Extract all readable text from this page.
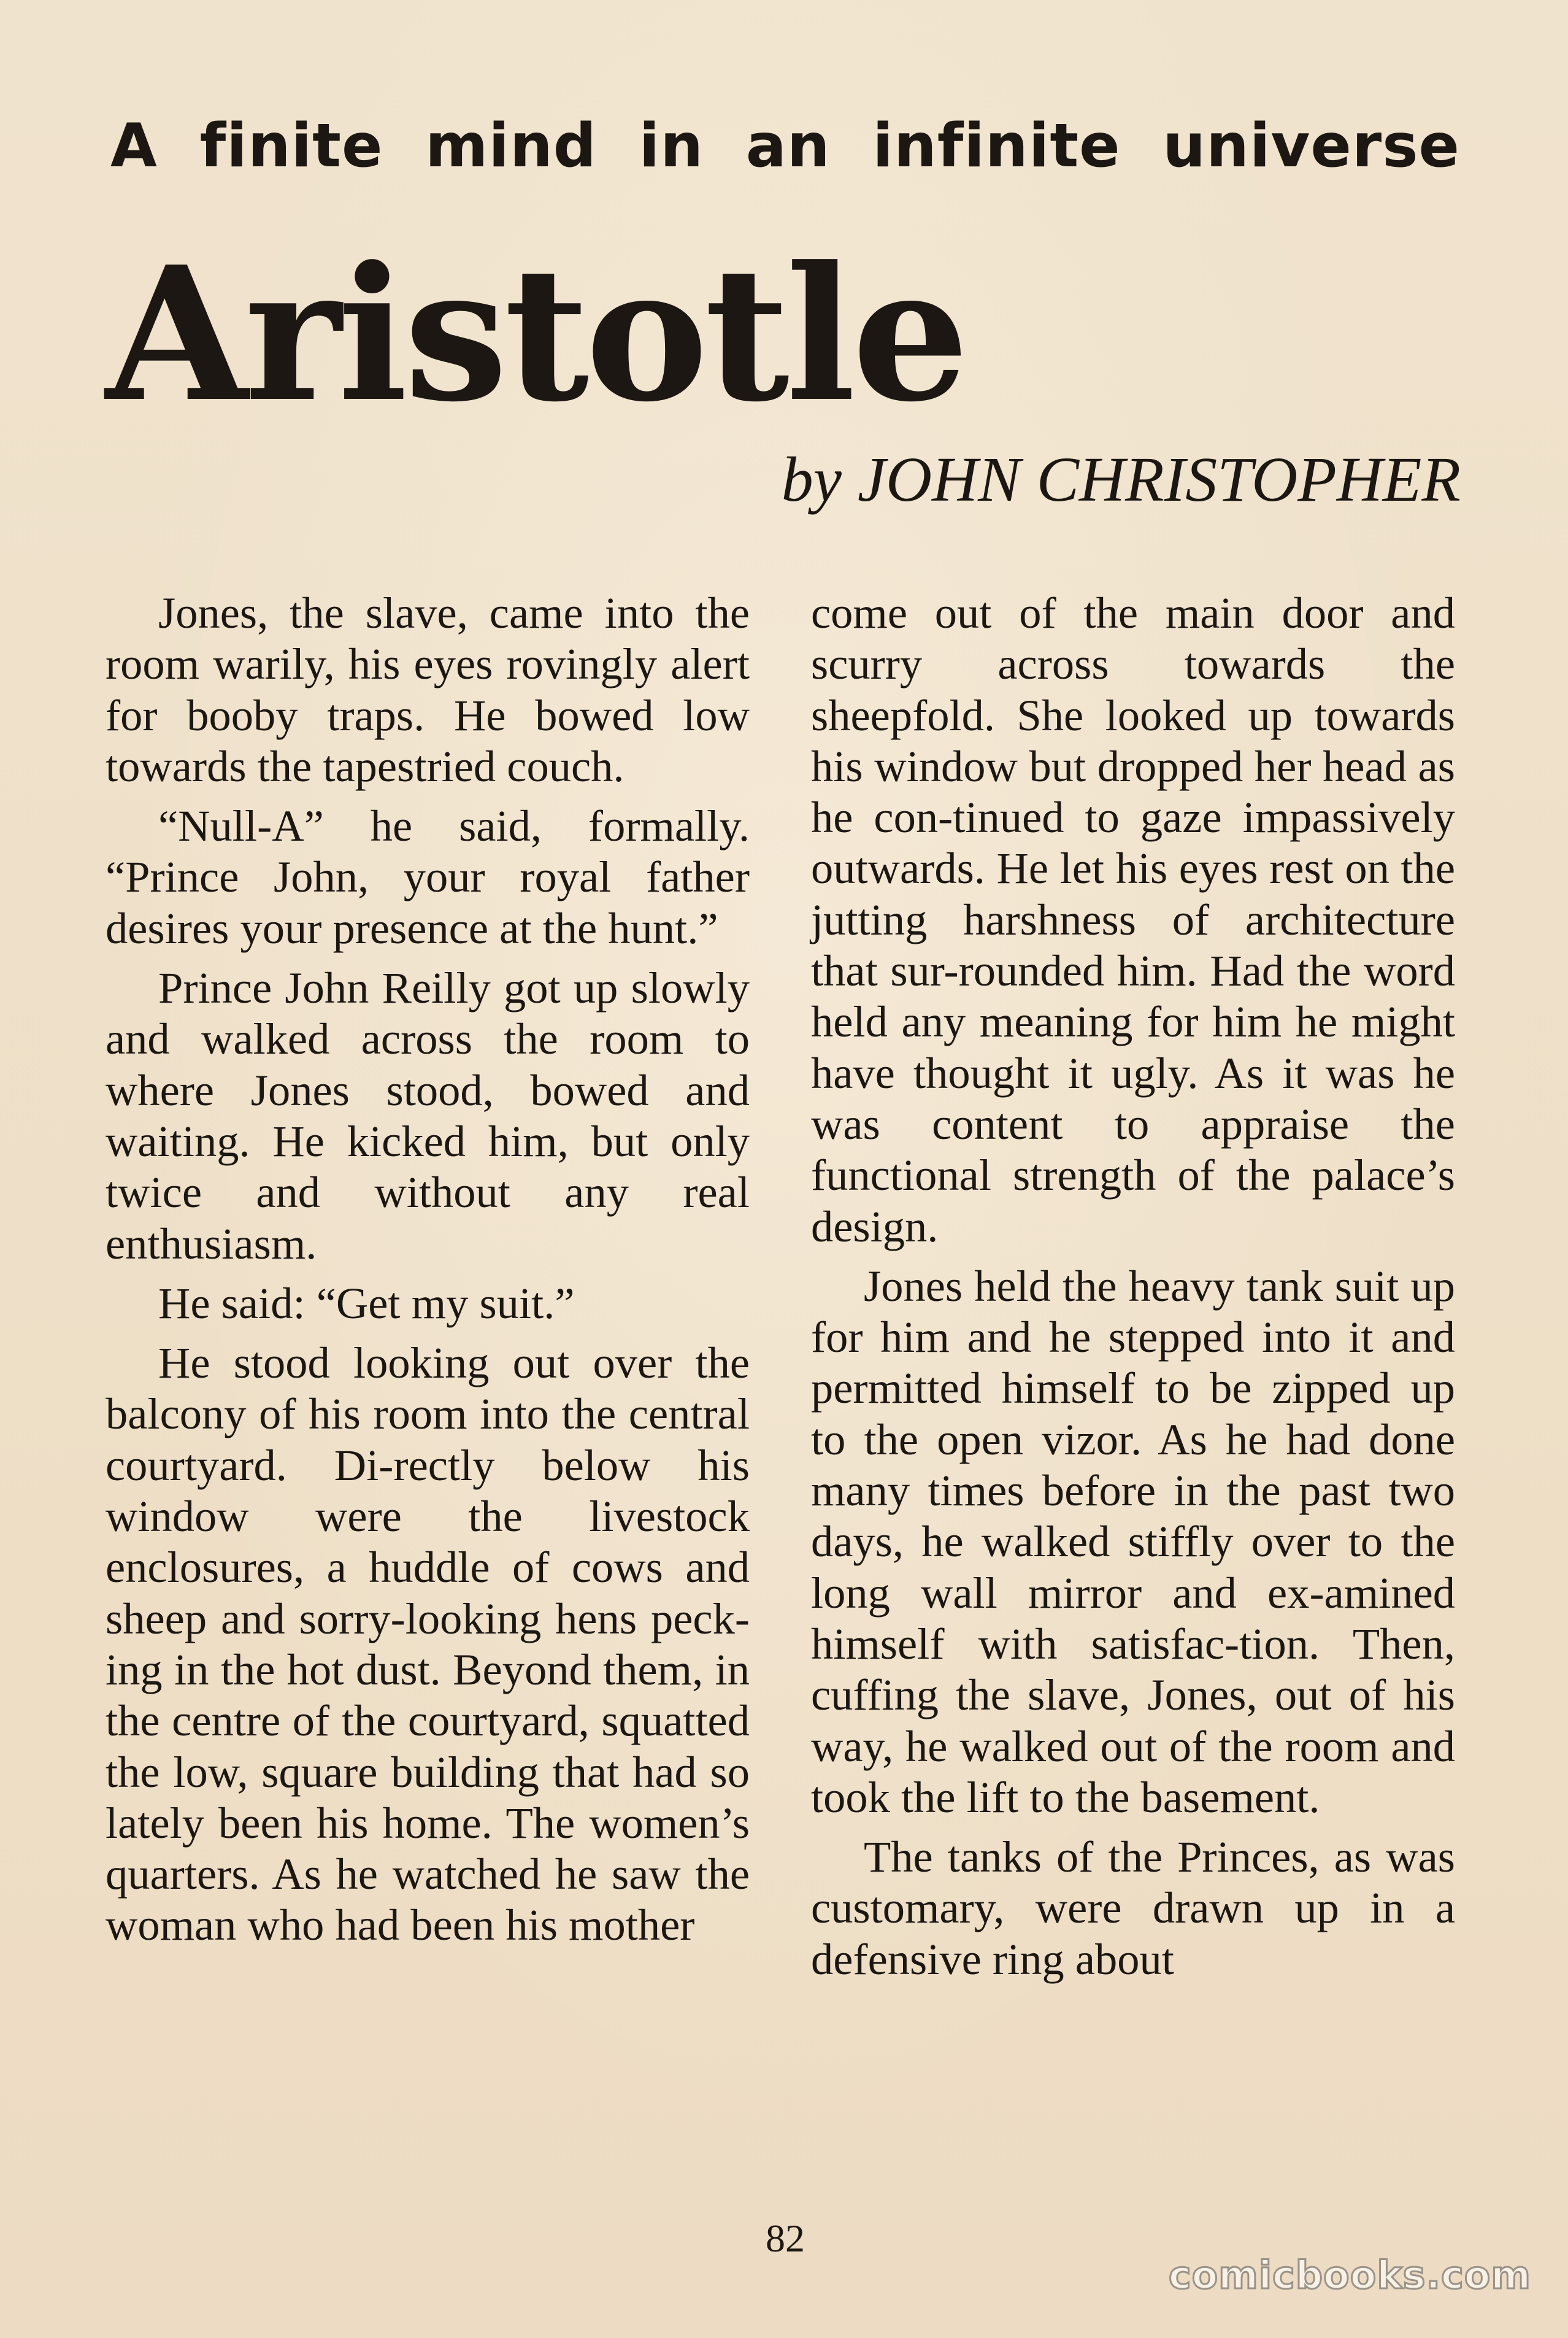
A finite mind in an infinite universe
Aristotle
by JOHN CHRISTOPHER

Jones, the slave, came into the room warily, his eyes rovingly alert for booby traps. He bowed low towards the tapestried couch.

“Null-A” he said, formally. “Prince John, your royal father desires your presence at the hunt.”

Prince John Reilly got up slowly and walked across the room to where Jones stood, bowed and waiting. He kicked him, but only twice and without any real enthusiasm.

He said: “Get my suit.”

He stood looking out over the balcony of his room into the central courtyard. Di-rectly below his window were the livestock enclosures, a huddle of cows and sheep and sorry-looking hens peck-ing in the hot dust. Beyond them, in the centre of the courtyard, squatted the low, square building that had so lately been his home. The women’s quarters. As he watched he saw the woman who had been his mother

come out of the main door and scurry across towards the sheepfold. She looked up towards his window but dropped her head as he con-tinued to gaze impassively outwards. He let his eyes rest on the jutting harshness of architecture that sur-rounded him. Had the word held any meaning for him he might have thought it ugly. As it was he was content to appraise the functional strength of the palace’s design.

Jones held the heavy tank suit up for him and he stepped into it and permitted himself to be zipped up to the open vizor. As he had done many times before in the past two days, he walked stiffly over to the long wall mirror and ex-amined himself with satisfac-tion. Then, cuffing the slave, Jones, out of his way, he walked out of the room and took the lift to the basement.

The tanks of the Princes, as was customary, were drawn up in a defensive ring about

82
comicbooks.com
